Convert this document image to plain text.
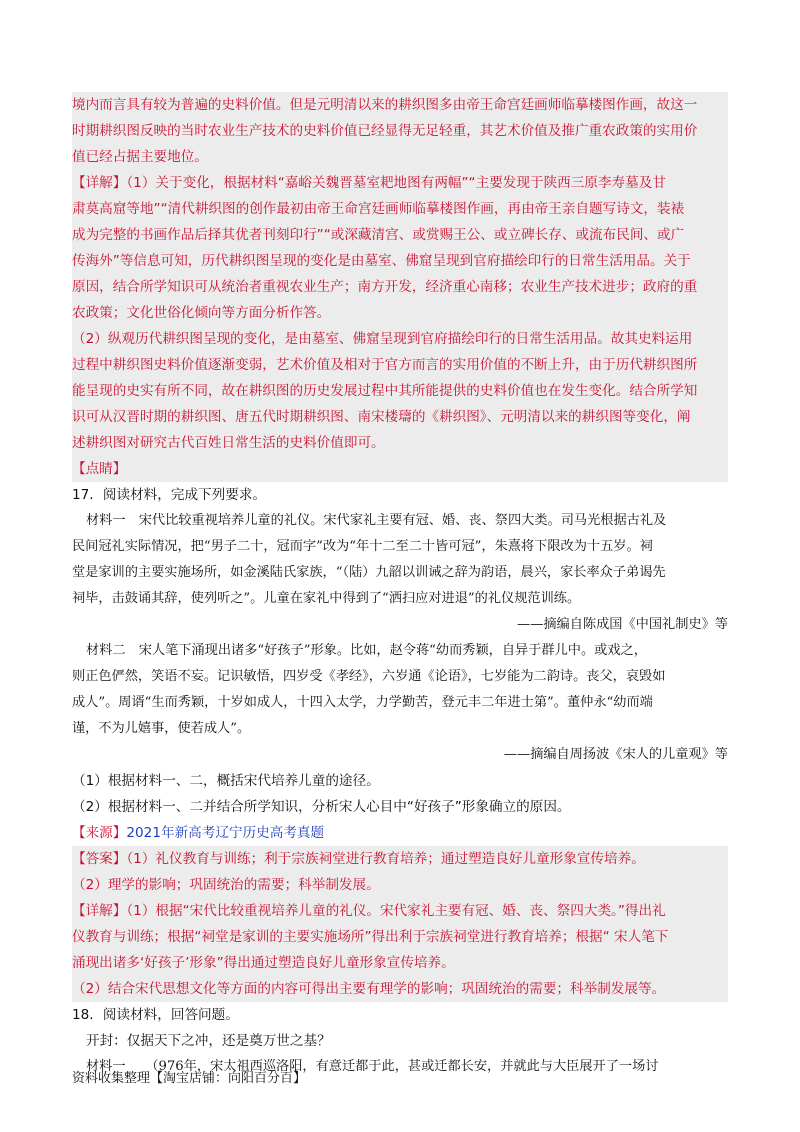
境内而言具有较为普遍的史料价值。但是元明清以来的耕织图多由帝王命宫廷画师临摹楼图作画，故这一
时期耕织图反映的当时农业生产技术的史料价值已经显得无足轻重，其艺术价值及推广重农政策的实用价
值已经占据主要地位。
【详解】（1）关于变化，根据材料“嘉峪关魏晋墓室耙地图有两幅”“主要发现于陕西三原李寿墓及甘
肃莫高窟等地”“清代耕织图的创作最初由帝王命宫廷画师临摹楼图作画，再由帝王亲自题写诗文，装裱
成为完整的书画作品后择其优者刊刻印行”“或深藏清宫、或赏赐王公、或立碑长存、或流布民间、或广
传海外”等信息可知，历代耕织图呈现的变化是由墓室、佛窟呈现到官府描绘印行的日常生活用品。关于
原因，结合所学知识可从统治者重视农业生产；南方开发，经济重心南移；农业生产技术进步；政府的重
农政策；文化世俗化倾向等方面分析作答。
（2）纵观历代耕织图呈现的变化，是由墓室、佛窟呈现到官府描绘印行的日常生活用品。故其史料运用
过程中耕织图史料价值逐渐变弱，艺术价值及相对于官方而言的实用价值的不断上升，由于历代耕织图所
能呈现的史实有所不同，故在耕织图的历史发展过程中其所能提供的史料价值也在发生变化。结合所学知
识可从汉晋时期的耕织图、唐五代时期耕织图、南宋楼璹的《耕织图》、元明清以来的耕织图等变化，阐
述耕织图对研究古代百姓日常生活的史料价值即可。
【点睛】
17．阅读材料，完成下列要求。
材料一　宋代比较重视培养儿童的礼仪。宋代家礼主要有冠、婚、丧、祭四大类。司马光根据古礼及
民间冠礼实际情况，把“男子二十，冠而字”改为“年十二至二十皆可冠”，朱熹将下限改为十五岁。祠
堂是家训的主要实施场所，如金溪陆氏家族，“（陆）九韶以训诫之辞为韵语，晨兴，家长率众子弟谒先
祠毕，击鼓诵其辞，使列听之”。儿童在家礼中得到了“洒扫应对进退”的礼仪规范训练。
——摘编自陈成国《中国礼制史》等
材料二　宋人笔下涌现出诸多“好孩子”形象。比如，赵令蒋“幼而秀颖，自异于群儿中。或戏之，
则正色俨然，笑语不妄。记识敏悟，四岁受《孝经》，六岁通《论语》，七岁能为二韵诗。丧父，哀毁如
成人”。周谞“生而秀颖，十岁如成人，十四入太学，力学勤苦，登元丰二年进士第”。董仲永“幼而端
谨，不为儿嬉事，使若成人”。
——摘编自周扬波《宋人的儿童观》等
（1）根据材料一、二，概括宋代培养儿童的途径。
（2）根据材料一、二并结合所学知识，分析宋人心目中“好孩子”形象确立的原因。
【来源】2021年新高考辽宁历史高考真题
【答案】（1）礼仪教育与训练；利于宗族祠堂进行教育培养；通过塑造良好儿童形象宣传培养。
（2）理学的影响；巩固统治的需要；科举制发展。
【详解】（1）根据“宋代比较重视培养儿童的礼仪。宋代家礼主要有冠、婚、丧、祭四大类。”得出礼
仪教育与训练；根据“祠堂是家训的主要实施场所”得出利于宗族祠堂进行教育培养；根据“ 宋人笔下
涌现出诸多‘好孩子’形象”得出通过塑造良好儿童形象宣传培养。
（2）结合宋代思想文化等方面的内容可得出主要有理学的影响；巩固统治的需要；科举制发展等。
18．阅读材料，回答问题。
开封：仅据天下之冲，还是奠万世之基？
材料一　　（976年，宋太祖西巡洛阳，有意迁都于此，甚或迁都长安，并就此与大臣展开了一场讨
资料收集整理【淘宝店铺：向阳百分百】
